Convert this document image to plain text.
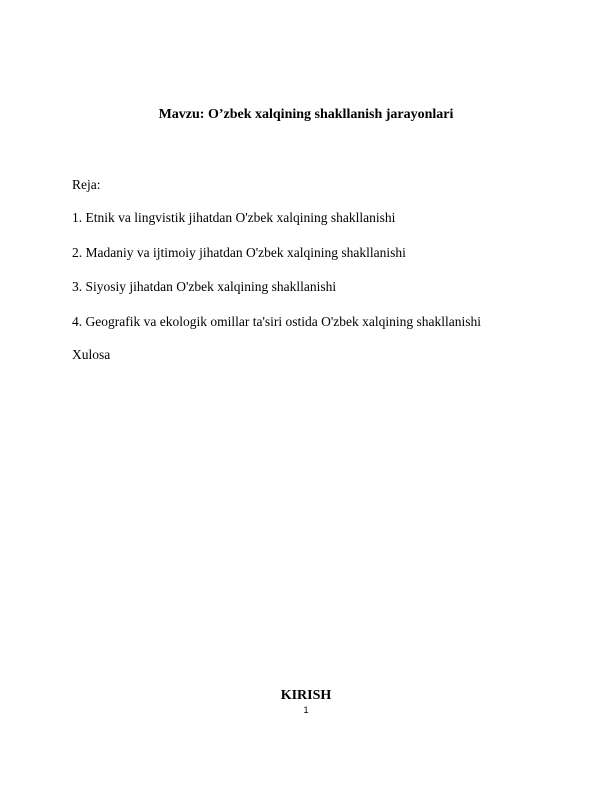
Mavzu: O’zbek xalqining shakllanish jarayonlari

Reja:

1. Etnik va lingvistik jihatdan O'zbek xalqining shakllanishi
2. Madaniy va ijtimoiy jihatdan O'zbek xalqining shakllanishi
3. Siyosiy jihatdan O'zbek xalqining shakllanishi
4. Geografik va ekologik omillar ta'siri ostida O'zbek xalqining shakllanishi

Xulosa

KIRISH

1
